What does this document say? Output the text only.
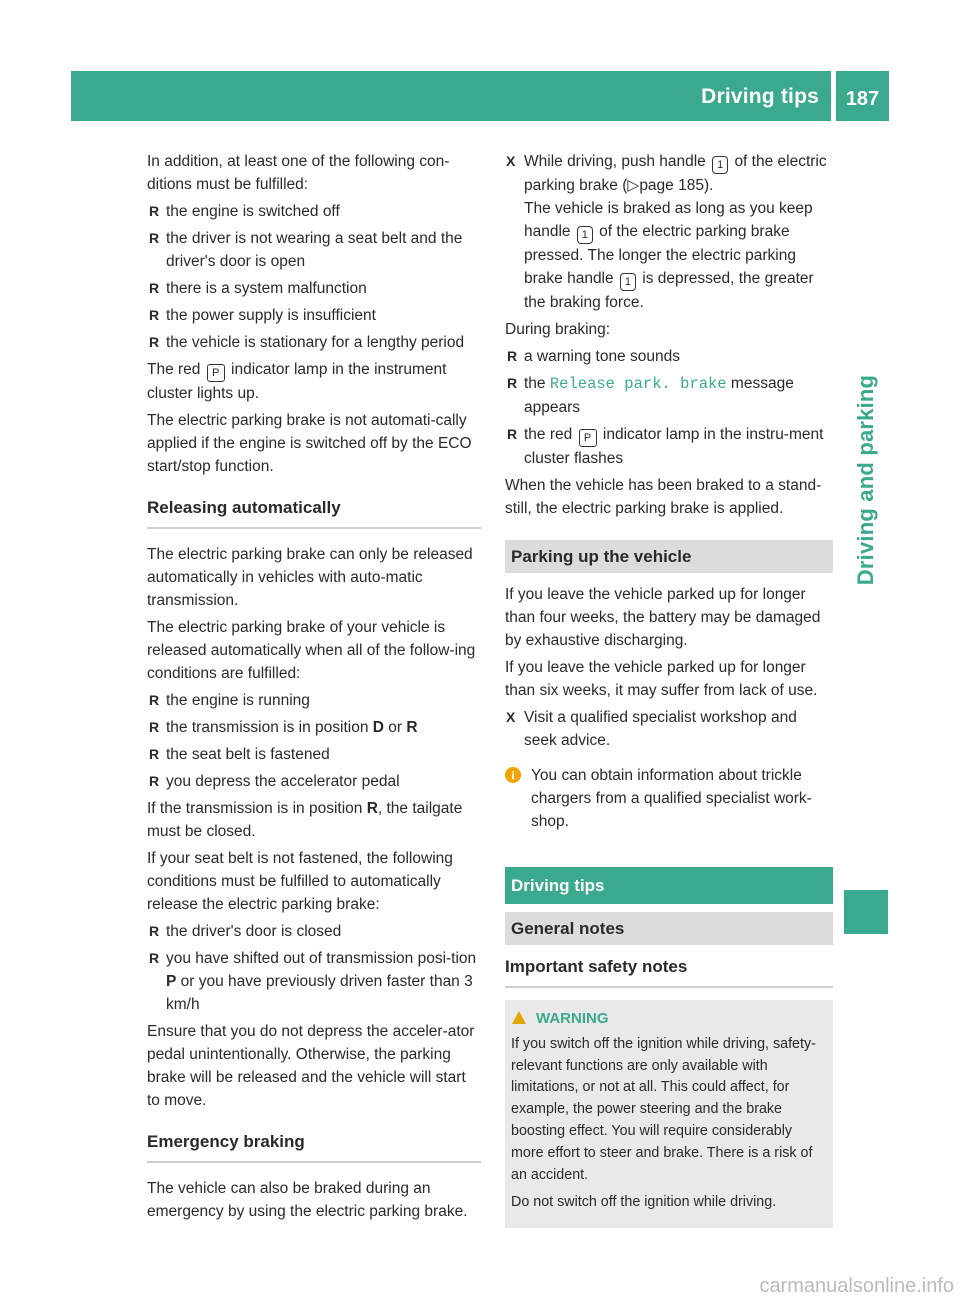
Driving tips	187
Driving and parking

In addition, at least one of the following con-ditions must be fulfilled:

R the engine is switched off
R the driver is not wearing a seat belt and the driver's door is open
R there is a system malfunction
R the power supply is insufficient
R the vehicle is stationary for a lengthy period

The red P indicator lamp in the instrument cluster lights up.

The electric parking brake is not automati-cally applied if the engine is switched off by the ECO start/stop function.

Releasing automatically

The electric parking brake can only be released automatically in vehicles with auto-matic transmission.

The electric parking brake of your vehicle is released automatically when all of the follow-ing conditions are fulfilled:

R the engine is running
R the transmission is in position D or R
R the seat belt is fastened
R you depress the accelerator pedal

If the transmission is in position R, the tailgate must be closed.

If your seat belt is not fastened, the following conditions must be fulfilled to automatically release the electric parking brake:

R the driver's door is closed
R you have shifted out of transmission posi-tion P or you have previously driven faster than 3 km/h

Ensure that you do not depress the acceler-ator pedal unintentionally. Otherwise, the parking brake will be released and the vehicle will start to move.

Emergency braking

The vehicle can also be braked during an emergency by using the electric parking brake.

X While driving, push handle 1 of the electric parking brake (▷page 185).
The vehicle is braked as long as you keep handle 1 of the electric parking brake pressed. The longer the electric parking brake handle 1 is depressed, the greater the braking force.

During braking:

R a warning tone sounds
R the Release park. brake message appears
R the red P indicator lamp in the instru-ment cluster flashes

When the vehicle has been braked to a stand-still, the electric parking brake is applied.

Parking up the vehicle

If you leave the vehicle parked up for longer than four weeks, the battery may be damaged by exhaustive discharging.

If you leave the vehicle parked up for longer than six weeks, it may suffer from lack of use.

X Visit a qualified specialist workshop and seek advice.
i	You can obtain information about trickle chargers from a qualified specialist work-shop.
Driving tips
General notes
Important safety notes
WARNING

If you switch off the ignition while driving, safety-relevant functions are only available with limitations, or not at all. This could affect, for example, the power steering and the brake boosting effect. You will require considerably more effort to steer and brake. There is a risk of an accident.

Do not switch off the ignition while driving.

carmanualsonline.info
